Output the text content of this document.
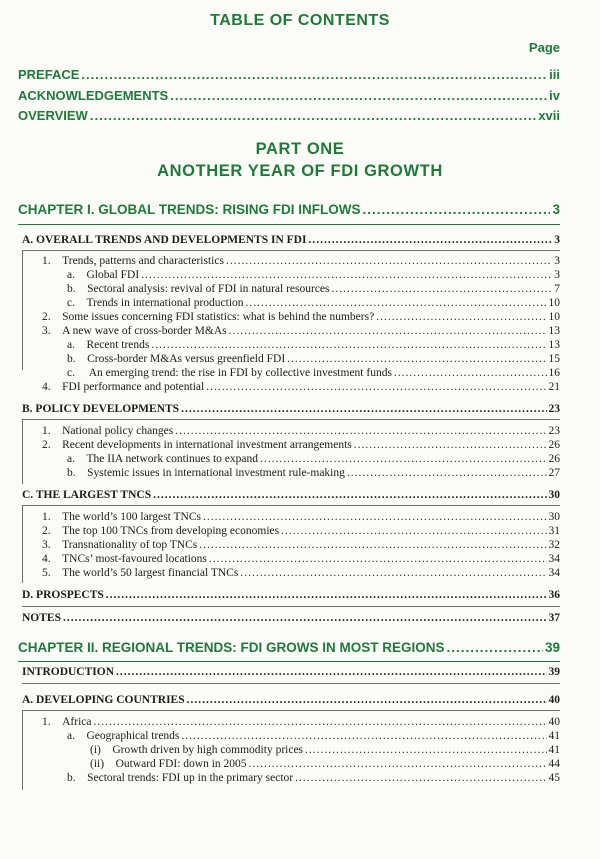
TABLE OF CONTENTS
Page
PREFACE .....	iii
ACKNOWLEDGEMENTS .....	iv
OVERVIEW .....	xvii
PART ONE
ANOTHER YEAR OF FDI GROWTH
CHAPTER I. GLOBAL TRENDS: RISING FDI INFLOWS .....	3
A. OVERALL TRENDS AND DEVELOPMENTS IN FDI .....	3
1. Trends, patterns and characteristics .....	3
a. Global FDI .....	3
b. Sectoral analysis: revival of FDI in natural resources .....	7
c. Trends in international production .....	10
2. Some issues concerning FDI statistics: what is behind the numbers? .....	10
3. A new wave of cross-border M&As .....	13
a. Recent trends .....	13
b. Cross-border M&As versus greenfield FDI .....	15
c.     An emerging trend: the rise in FDI by collective investment funds .....	16
4. FDI performance and potential .....	21
B. POLICY DEVELOPMENTS .....	23
1. National policy changes .....	23
2. Recent developments in international investment arrangements .....	26
a. The IIA network continues to expand .....	26
b. Systemic issues in international investment rule-making .....	27
C. THE LARGEST TNCS .....	30
1. The world’s 100 largest TNCs .....	30
2. The top 100 TNCs from developing economies .....	31
3. Transnationality of top TNCs .....	32
4. TNCs’ most-favoured locations .....	34
5. The world’s 50 largest financial TNCs .....	34
D. PROSPECTS .....	36
NOTES .....	37
CHAPTER II. REGIONAL TRENDS: FDI GROWS IN MOST REGIONS .....	39
INTRODUCTION .....	39
A. DEVELOPING COUNTRIES .....	40
1. Africa .....	40
a. Geographical trends .....	41
(i) Growth driven by high commodity prices .....	41
(ii) Outward FDI: down in 2005 .....	44
b. Sectoral trends: FDI up in the primary sector .....	45
